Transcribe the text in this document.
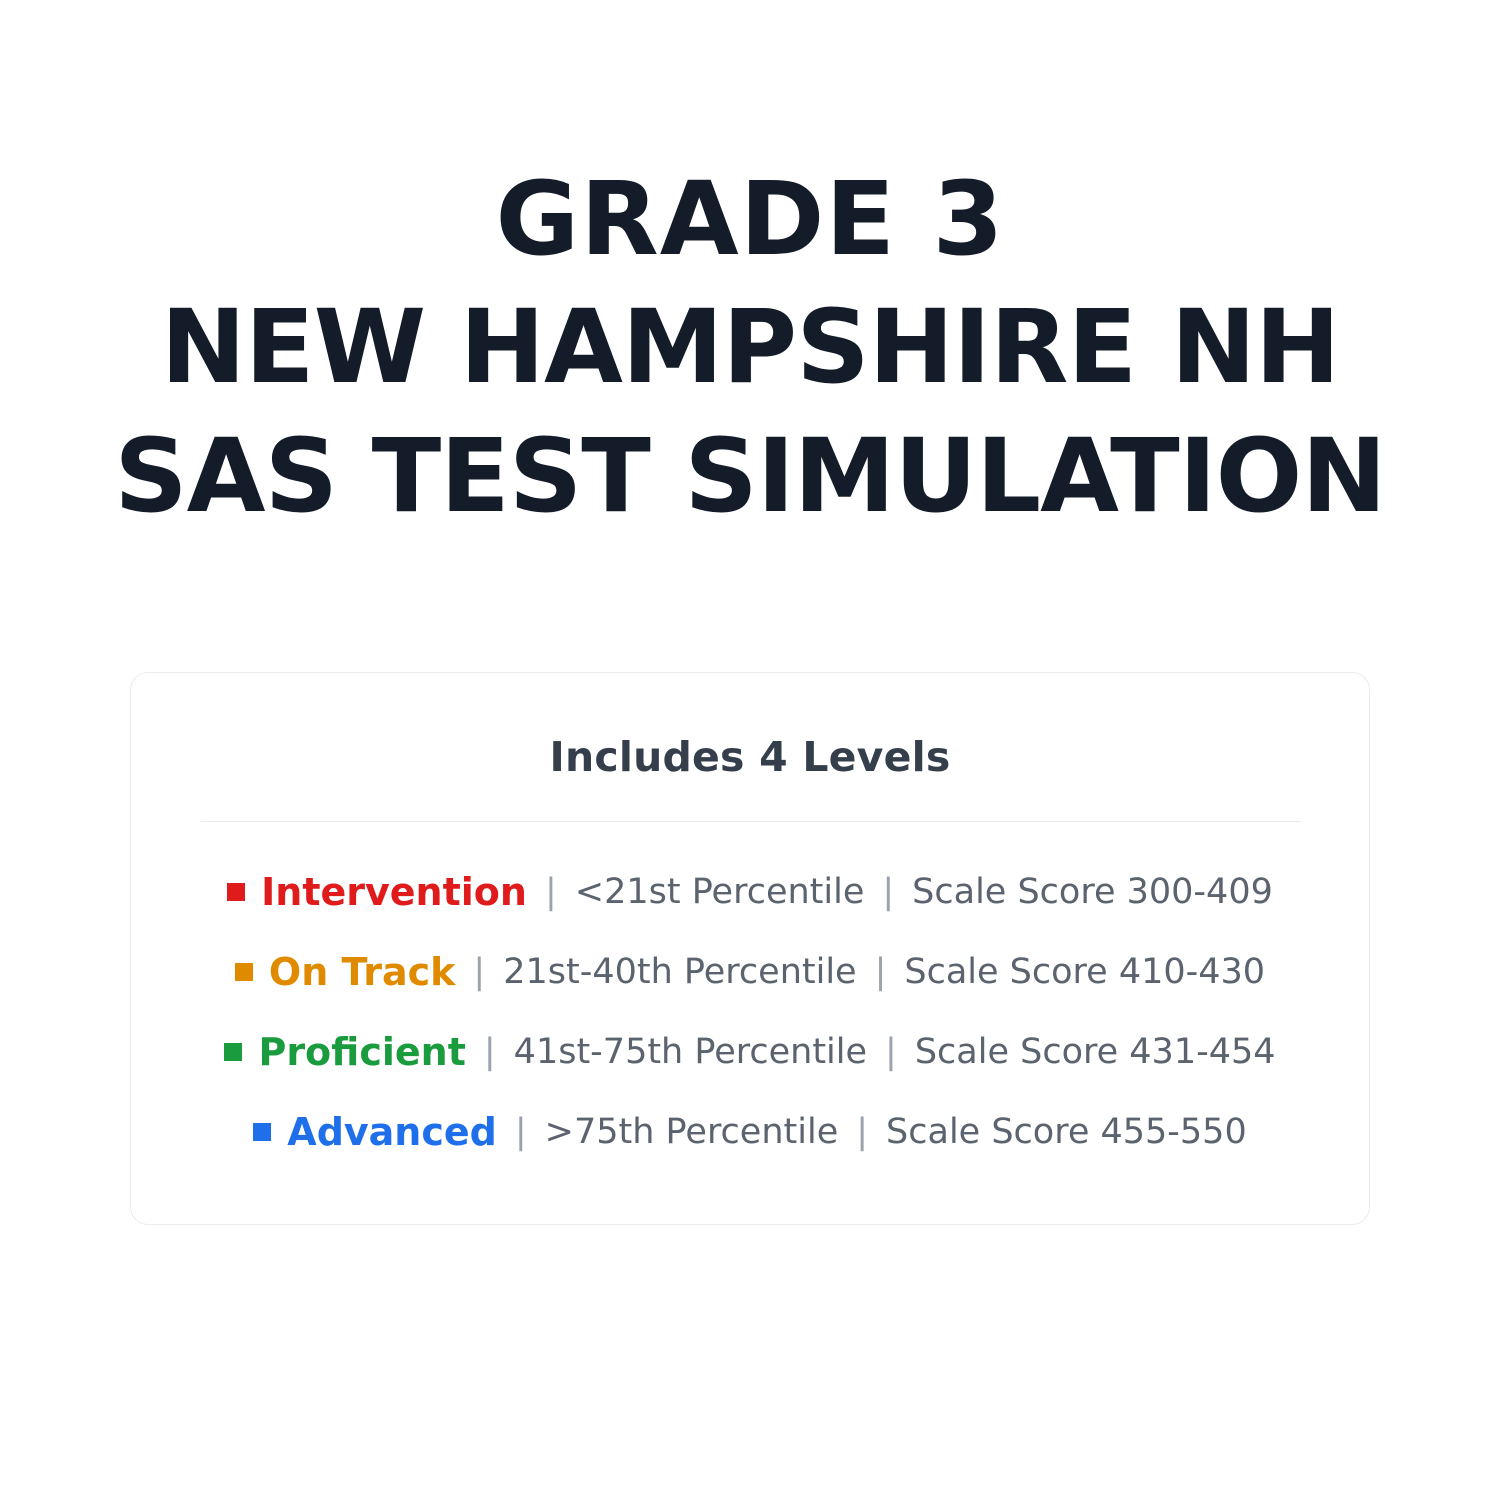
GRADE 3
NEW HAMPSHIRE NH
SAS TEST SIMULATION
Includes 4 Levels
Intervention | <21st Percentile | Scale Score 300-409
On Track | 21st-40th Percentile | Scale Score 410-430
Proficient | 41st-75th Percentile | Scale Score 431-454
Advanced | >75th Percentile | Scale Score 455-550
